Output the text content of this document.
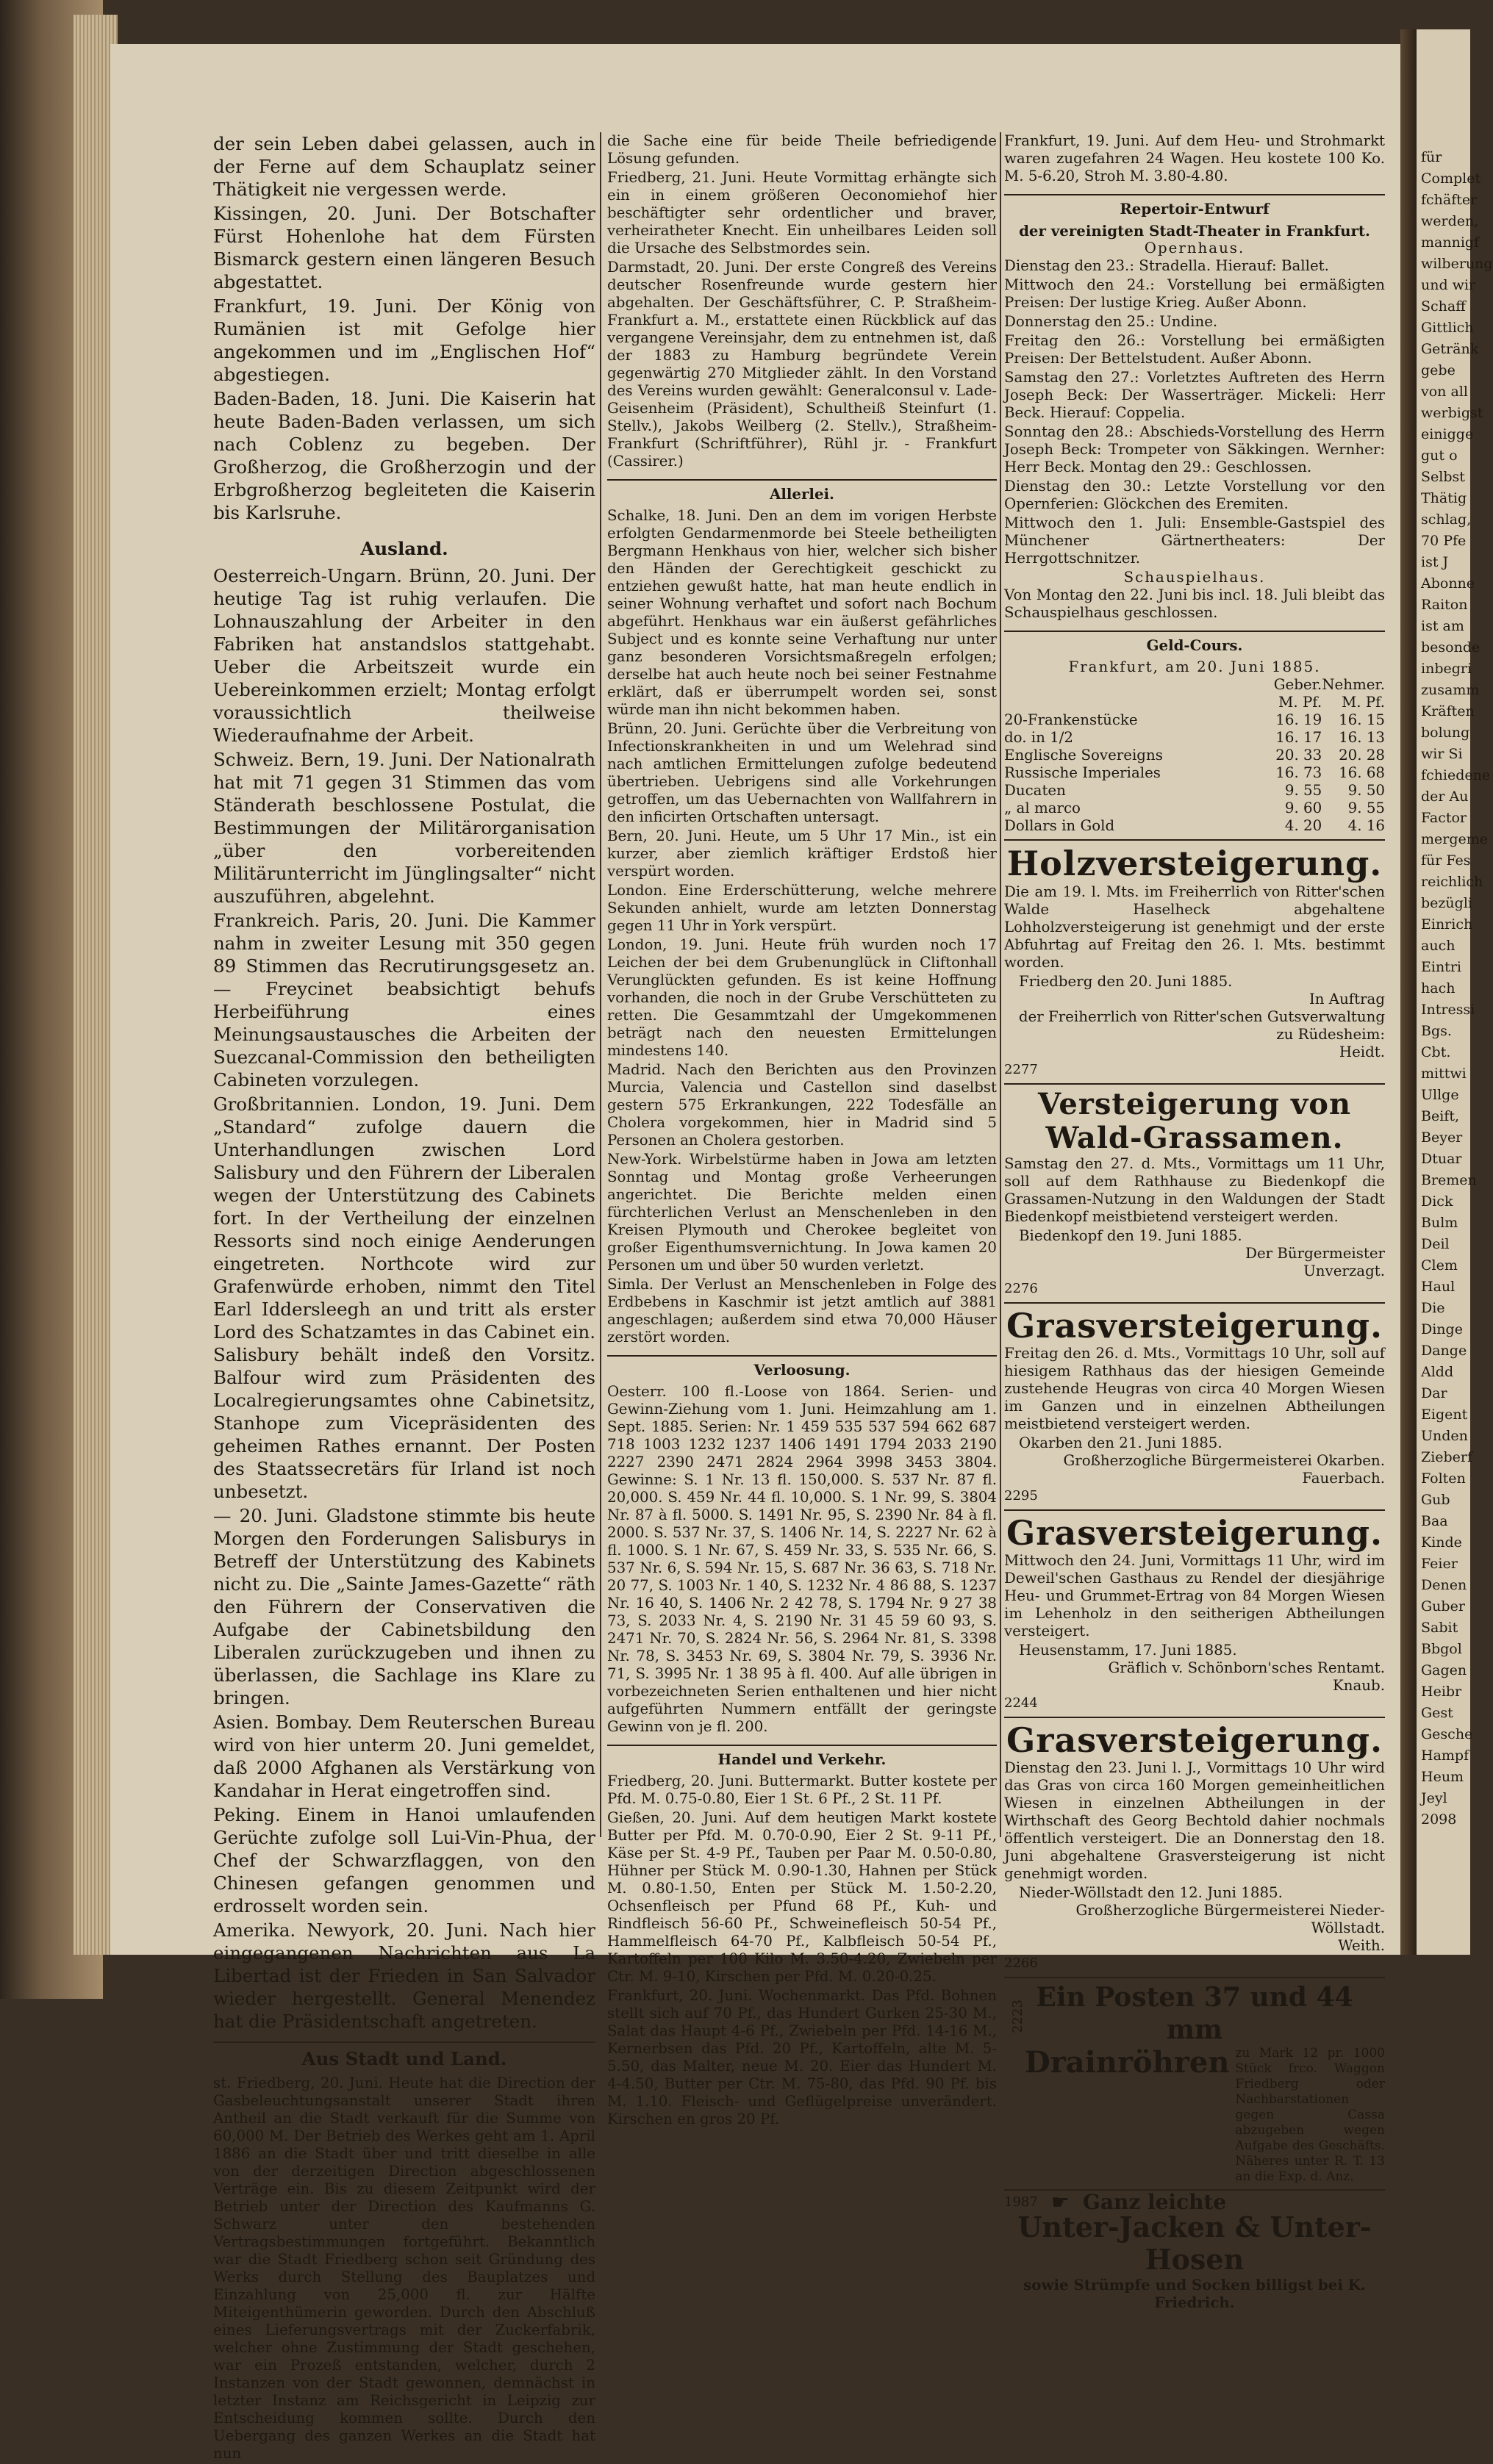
für
Complet
fchäfter
werden,
mannigf
wilberung
und wir
Schaff
Gittlich
Getränk
gebe
von all
werbigst
einigge
gut o
Selbst
Thätig
schlag,
70 Pfe
ist J
Abonne
Raiton
ist am
besonde
inbegri
zusamm
Kräften
bolung
wir Si
fchiedene
der Au
Factor
mergeme
für Fes
reichlich
bezügli
Einrich
auch
Eintri
hach
Intressi
Bgs.
Cbt.
mittwi
Ullge
Beift,
Beyer
Dtuar
Bremen
Dick
Bulm
Deil
Clem
Haul
Die
Dinge
Dange
Aldd
Dar
Eigent
Unden
Zieberf
Folten
Gub
Baa
Kinde
Feier
Denen
Guber
Sabit
Bbgol
Gagen
Heibr
Gest
Gesche
Hampf
Heum
Jeyl
2098

der sein Leben dabei gelassen, auch in der Ferne auf dem Schauplatz seiner Thätigkeit nie vergessen werde.

Kissingen, 20. Juni. Der Botschafter Fürst Hohenlohe hat dem Fürsten Bismarck gestern einen längeren Besuch abgestattet.

Frankfurt, 19. Juni. Der König von Rumänien ist mit Gefolge hier angekommen und im „Englischen Hof“ abgestiegen.

Baden-Baden, 18. Juni. Die Kaiserin hat heute Baden-Baden verlassen, um sich nach Coblenz zu begeben. Der Großherzog, die Großherzogin und der Erbgroßherzog begleiteten die Kaiserin bis Karlsruhe.

Ausland.

Oesterreich-Ungarn. Brünn, 20. Juni. Der heutige Tag ist ruhig verlaufen. Die Lohnauszahlung der Arbeiter in den Fabriken hat anstandslos stattgehabt. Ueber die Arbeitszeit wurde ein Uebereinkommen erzielt; Montag erfolgt voraussichtlich theilweise Wiederaufnahme der Arbeit.

Schweiz. Bern, 19. Juni. Der Nationalrath hat mit 71 gegen 31 Stimmen das vom Ständerath beschlossene Postulat, die Bestimmungen der Militärorganisation „über den vorbereitenden Militärunterricht im Jünglingsalter“ nicht auszuführen, abgelehnt.

Frankreich. Paris, 20. Juni. Die Kammer nahm in zweiter Lesung mit 350 gegen 89 Stimmen das Recrutirungsgesetz an. — Freycinet beabsichtigt behufs Herbeiführung eines Meinungsaustausches die Arbeiten der Suezcanal-Commission den betheiligten Cabineten vorzulegen.

Großbritannien. London, 19. Juni. Dem „Standard“ zufolge dauern die Unterhandlungen zwischen Lord Salisbury und den Führern der Liberalen wegen der Unterstützung des Cabinets fort. In der Vertheilung der einzelnen Ressorts sind noch einige Aenderungen eingetreten. Northcote wird zur Grafenwürde erhoben, nimmt den Titel Earl Iddersleegh an und tritt als erster Lord des Schatzamtes in das Cabinet ein. Salisbury behält indeß den Vorsitz. Balfour wird zum Präsidenten des Localregierungsamtes ohne Cabinetsitz, Stanhope zum Vicepräsidenten des geheimen Rathes ernannt. Der Posten des Staatssecretärs für Irland ist noch unbesetzt.

— 20. Juni. Gladstone stimmte bis heute Morgen den Forderungen Salisburys in Betreff der Unterstützung des Kabinets nicht zu. Die „Sainte James-Gazette“ räth den Führern der Conservativen die Aufgabe der Cabinetsbildung den Liberalen zurückzugeben und ihnen zu überlassen, die Sachlage ins Klare zu bringen.

Asien. Bombay. Dem Reuterschen Bureau wird von hier unterm 20. Juni gemeldet, daß 2000 Afghanen als Verstärkung von Kandahar in Herat eingetroffen sind.

Peking. Einem in Hanoi umlaufenden Gerüchte zufolge soll Lui-Vin-Phua, der Chef der Schwarzflaggen, von den Chinesen gefangen genommen und erdrosselt worden sein.

Amerika. Newyork, 20. Juni. Nach hier eingegangenen Nachrichten aus La Libertad ist der Frieden in San Salvador wieder hergestellt. General Menendez hat die Präsidentschaft angetreten.

Aus Stadt und Land.

st. Friedberg, 20. Juni. Heute hat die Direction der Gasbeleuchtungsanstalt unserer Stadt ihren Antheil an die Stadt verkauft für die Summe von 60,000 M. Der Betrieb des Werkes geht am 1. April 1886 an die Stadt über und tritt dieselbe in alle von der derzeitigen Direction abgeschlossenen Verträge ein. Bis zu diesem Zeitpunkt wird der Betrieb unter der Direction des Kaufmanns G. Schwarz unter den bestehenden Vertragsbestimmungen fortgeführt. Bekanntlich war die Stadt Friedberg schon seit Gründung des Werks durch Stellung des Bauplatzes und Einzahlung von 25,000 fl. zur Hälfte Miteigenthümerin geworden. Durch den Abschluß eines Lieferungsvertrags mit der Zuckerfabrik, welcher ohne Zustimmung der Stadt geschehen, war ein Prozeß entstanden, welcher, durch 2 Instanzen von der Stadt gewonnen, demnächst in letzter Instanz am Reichsgericht in Leipzig zur Entscheidung kommen sollte. Durch den Uebergang des ganzen Werkes an die Stadt hat nun

die Sache eine für beide Theile befriedigende Lösung gefunden.

Friedberg, 21. Juni. Heute Vormittag erhängte sich ein in einem größeren Oeconomiehof hier beschäftigter sehr ordentlicher und braver, verheiratheter Knecht. Ein unheilbares Leiden soll die Ursache des Selbstmordes sein.

Darmstadt, 20. Juni. Der erste Congreß des Vereins deutscher Rosenfreunde wurde gestern hier abgehalten. Der Geschäftsführer, C. P. Straßheim-Frankfurt a. M., erstattete einen Rückblick auf das vergangene Vereinsjahr, dem zu entnehmen ist, daß der 1883 zu Hamburg begründete Verein gegenwärtig 270 Mitglieder zählt. In den Vorstand des Vereins wurden gewählt: Generalconsul v. Lade-Geisenheim (Präsident), Schultheiß Steinfurt (1. Stellv.), Jakobs Weilberg (2. Stellv.), Straßheim-Frankfurt (Schriftführer), Rühl jr. - Frankfurt (Cassirer.)

Allerlei.

Schalke, 18. Juni. Den an dem im vorigen Herbste erfolgten Gendarmenmorde bei Steele betheiligten Bergmann Henkhaus von hier, welcher sich bisher den Händen der Gerechtigkeit geschickt zu entziehen gewußt hatte, hat man heute endlich in seiner Wohnung verhaftet und sofort nach Bochum abgeführt. Henkhaus war ein äußerst gefährliches Subject und es konnte seine Verhaftung nur unter ganz besonderen Vorsichtsmaßregeln erfolgen; derselbe hat auch heute noch bei seiner Festnahme erklärt, daß er überrumpelt worden sei, sonst würde man ihn nicht bekommen haben.

Brünn, 20. Juni. Gerüchte über die Verbreitung von Infectionskrankheiten in und um Welehrad sind nach amtlichen Ermittelungen zufolge bedeutend übertrieben. Uebrigens sind alle Vorkehrungen getroffen, um das Uebernachten von Wallfahrern in den inficirten Ortschaften untersagt.

Bern, 20. Juni. Heute, um 5 Uhr 17 Min., ist ein kurzer, aber ziemlich kräftiger Erdstoß hier verspürt worden.

London. Eine Erderschütterung, welche mehrere Sekunden anhielt, wurde am letzten Donnerstag gegen 11 Uhr in York verspürt.

London, 19. Juni. Heute früh wurden noch 17 Leichen der bei dem Grubenunglück in Cliftonhall Verunglückten gefunden. Es ist keine Hoffnung vorhanden, die noch in der Grube Verschütteten zu retten. Die Gesammtzahl der Umgekommenen beträgt nach den neuesten Ermittelungen mindestens 140.

Madrid. Nach den Berichten aus den Provinzen Murcia, Valencia und Castellon sind daselbst gestern 575 Erkrankungen, 222 Todesfälle an Cholera vorgekommen, hier in Madrid sind 5 Personen an Cholera gestorben.

New-York. Wirbelstürme haben in Jowa am letzten Sonntag und Montag große Verheerungen angerichtet. Die Berichte melden einen fürchterlichen Verlust an Menschenleben in den Kreisen Plymouth und Cherokee begleitet von großer Eigenthumsvernichtung. In Jowa kamen 20 Personen um und über 50 wurden verletzt.

Simla. Der Verlust an Menschenleben in Folge des Erdbebens in Kaschmir ist jetzt amtlich auf 3881 angeschlagen; außerdem sind etwa 70,000 Häuser zerstört worden.

Verloosung.

Oesterr. 100 fl.-Loose von 1864. Serien- und Gewinn-Ziehung vom 1. Juni. Heimzahlung am 1. Sept. 1885. Serien: Nr. 1 459 535 537 594 662 687 718 1003 1232 1237 1406 1491 1794 2033 2190 2227 2390 2471 2824 2964 3998 3453 3804. Gewinne: S. 1 Nr. 13 fl. 150,000. S. 537 Nr. 87 fl. 20,000. S. 459 Nr. 44 fl. 10,000. S. 1 Nr. 99, S. 3804 Nr. 87 à fl. 5000. S. 1491 Nr. 95, S. 2390 Nr. 84 à fl. 2000. S. 537 Nr. 37, S. 1406 Nr. 14, S. 2227 Nr. 62 à fl. 1000. S. 1 Nr. 67, S. 459 Nr. 33, S. 535 Nr. 66, S. 537 Nr. 6, S. 594 Nr. 15, S. 687 Nr. 36 63, S. 718 Nr. 20 77, S. 1003 Nr. 1 40, S. 1232 Nr. 4 86 88, S. 1237 Nr. 16 40, S. 1406 Nr. 2 42 78, S. 1794 Nr. 9 27 38 73, S. 2033 Nr. 4, S. 2190 Nr. 31 45 59 60 93, S. 2471 Nr. 70, S. 2824 Nr. 56, S. 2964 Nr. 81, S. 3398 Nr. 78, S. 3453 Nr. 69, S. 3804 Nr. 79, S. 3936 Nr. 71, S. 3995 Nr. 1 38 95 à fl. 400. Auf alle übrigen in vorbezeichneten Serien enthaltenen und hier nicht aufgeführten Nummern entfällt der geringste Gewinn von je fl. 200.

Handel und Verkehr.

Friedberg, 20. Juni. Buttermarkt. Butter kostete per Pfd. M. 0.75-0.80, Eier 1 St. 6 Pf., 2 St. 11 Pf.

Gießen, 20. Juni. Auf dem heutigen Markt kostete Butter per Pfd. M. 0.70-0.90, Eier 2 St. 9-11 Pf., Käse per St. 4-9 Pf., Tauben per Paar M. 0.50-0.80, Hühner per Stück M. 0.90-1.30, Hahnen per Stück M. 0.80-1.50, Enten per Stück M. 1.50-2.20, Ochsenfleisch per Pfund 68 Pf., Kuh- und Rindfleisch 56-60 Pf., Schweinefleisch 50-54 Pf., Hammelfleisch 64-70 Pf., Kalbfleisch 50-54 Pf., Kartoffeln per 100 Kilo M. 3.50-4.20, Zwiebeln per Ctr. M. 9-10, Kirschen per Pfd. M. 0.20-0.25.

Frankfurt, 20. Juni. Wochenmarkt. Das Pfd. Bohnen stellt sich auf 70 Pf., das Hundert Gurken 25-30 M., Salat das Haupt 4-6 Pf., Zwiebeln per Pfd. 14-16 M., Kernerbsen das Pfd. 20 Pf., Kartoffeln, alte M. 5-5.50, das Malter, neue M. 20. Eier das Hundert M. 4-4.50, Butter per Ctr. M. 75-80, das Pfd. 90 Pf. bis M. 1.10. Fleisch- und Geflügelpreise unverändert. Kirschen en gros 20 Pf.

Frankfurt, 19. Juni. Auf dem Heu- und Strohmarkt waren zugefahren 24 Wagen. Heu kostete 100 Ko. M. 5-6.20, Stroh M. 3.80-4.80.

Repertoir-Entwurf
der vereinigten Stadt-Theater in Frankfurt.
Opernhaus.

Dienstag den 23.: Stradella. Hierauf: Ballet.

Mittwoch den 24.: Vorstellung bei ermäßigten Preisen: Der lustige Krieg. Außer Abonn.

Donnerstag den 25.: Undine.

Freitag den 26.: Vorstellung bei ermäßigten Preisen: Der Bettelstudent. Außer Abonn.

Samstag den 27.: Vorletztes Auftreten des Herrn Joseph Beck: Der Wasserträger. Mickeli: Herr Beck. Hierauf: Coppelia.

Sonntag den 28.: Abschieds-Vorstellung des Herrn Joseph Beck: Trompeter von Säkkingen. Wernher: Herr Beck. Montag den 29.: Geschlossen.

Dienstag den 30.: Letzte Vorstellung vor den Opernferien: Glöckchen des Eremiten.

Mittwoch den 1. Juli: Ensemble-Gastspiel des Münchener Gärtnertheaters: Der Herrgottschnitzer.

Schauspielhaus.

Von Montag den 22. Juni bis incl. 18. Juli bleibt das Schauspielhaus geschlossen.

Geld-Cours.
Frankfurt, am 20. Juni 1885.
	Geber.	Nehmer.
	M. Pf.	M. Pf.
20-Frankenstücke	16. 19	16. 15
do. in 1/2	16. 17	16. 13
Englische Sovereigns	20. 33	20. 28
Russische Imperiales	16. 73	16. 68
Ducaten	9. 55	9. 50
„ al marco	9. 60	9. 55
Dollars in Gold	4. 20	4. 16
Holzversteigerung.

Die am 19. l. Mts. im Freiherrlich von Ritter'schen Walde Haselheck abgehaltene Lohholzversteigerung ist genehmigt und der erste Abfuhrtag auf Freitag den 26. l. Mts. bestimmt worden.

Friedberg den 20. Juni 1885.
In Auftrag
der Freiherrlich von Ritter'schen Gutsverwaltung zu Rüdesheim:
Heidt.
2277
Versteigerung von Wald-Grassamen.

Samstag den 27. d. Mts., Vormittags um 11 Uhr, soll auf dem Rathhause zu Biedenkopf die Grassamen-Nutzung in den Waldungen der Stadt Biedenkopf meistbietend versteigert werden.

Biedenkopf den 19. Juni 1885.
Der Bürgermeister
Unverzagt.
2276
Grasversteigerung.

Freitag den 26. d. Mts., Vormittags 10 Uhr, soll auf hiesigem Rathhaus das der hiesigen Gemeinde zustehende Heugras von circa 40 Morgen Wiesen im Ganzen und in einzelnen Abtheilungen meistbietend versteigert werden.

Okarben den 21. Juni 1885.
Großherzogliche Bürgermeisterei Okarben.
Fauerbach.
2295
Grasversteigerung.

Mittwoch den 24. Juni, Vormittags 11 Uhr, wird im Deweil'schen Gasthaus zu Rendel der diesjährige Heu- und Grummet-Ertrag von 84 Morgen Wiesen im Lehenholz in den seitherigen Abtheilungen versteigert.

Heusenstamm, 17. Juni 1885.
Gräflich v. Schönborn'sches Rentamt.
Knaub.
2244
Grasversteigerung.

Dienstag den 23. Juni l. J., Vormittags 10 Uhr wird das Gras von circa 160 Morgen gemeinheitlichen Wiesen in einzelnen Abtheilungen in der Wirthschaft des Georg Bechtold dahier nochmals öffentlich versteigert. Die an Donnerstag den 18. Juni abgehaltene Grasversteigerung ist nicht genehmigt worden.

Nieder-Wöllstadt den 12. Juni 1885.
Großherzogliche Bürgermeisterei Nieder-Wöllstadt.
Weith.
2266
2223
Ein Posten 37 und 44 mm
Drainröhren zu Mark 12 pr. 1000 Stück frco. Waggon Friedberg oder Nachbarstationen gegen Cassa abzugeben wegen Aufgabe des Geschäfts. Näheres unter R. T. 13 an die Exp. d. Anz.
1987 ☛ Ganz leichte
Unter-Jacken & Unter-Hosen
sowie Strümpfe und Socken billigst bei K. Friedrich.
